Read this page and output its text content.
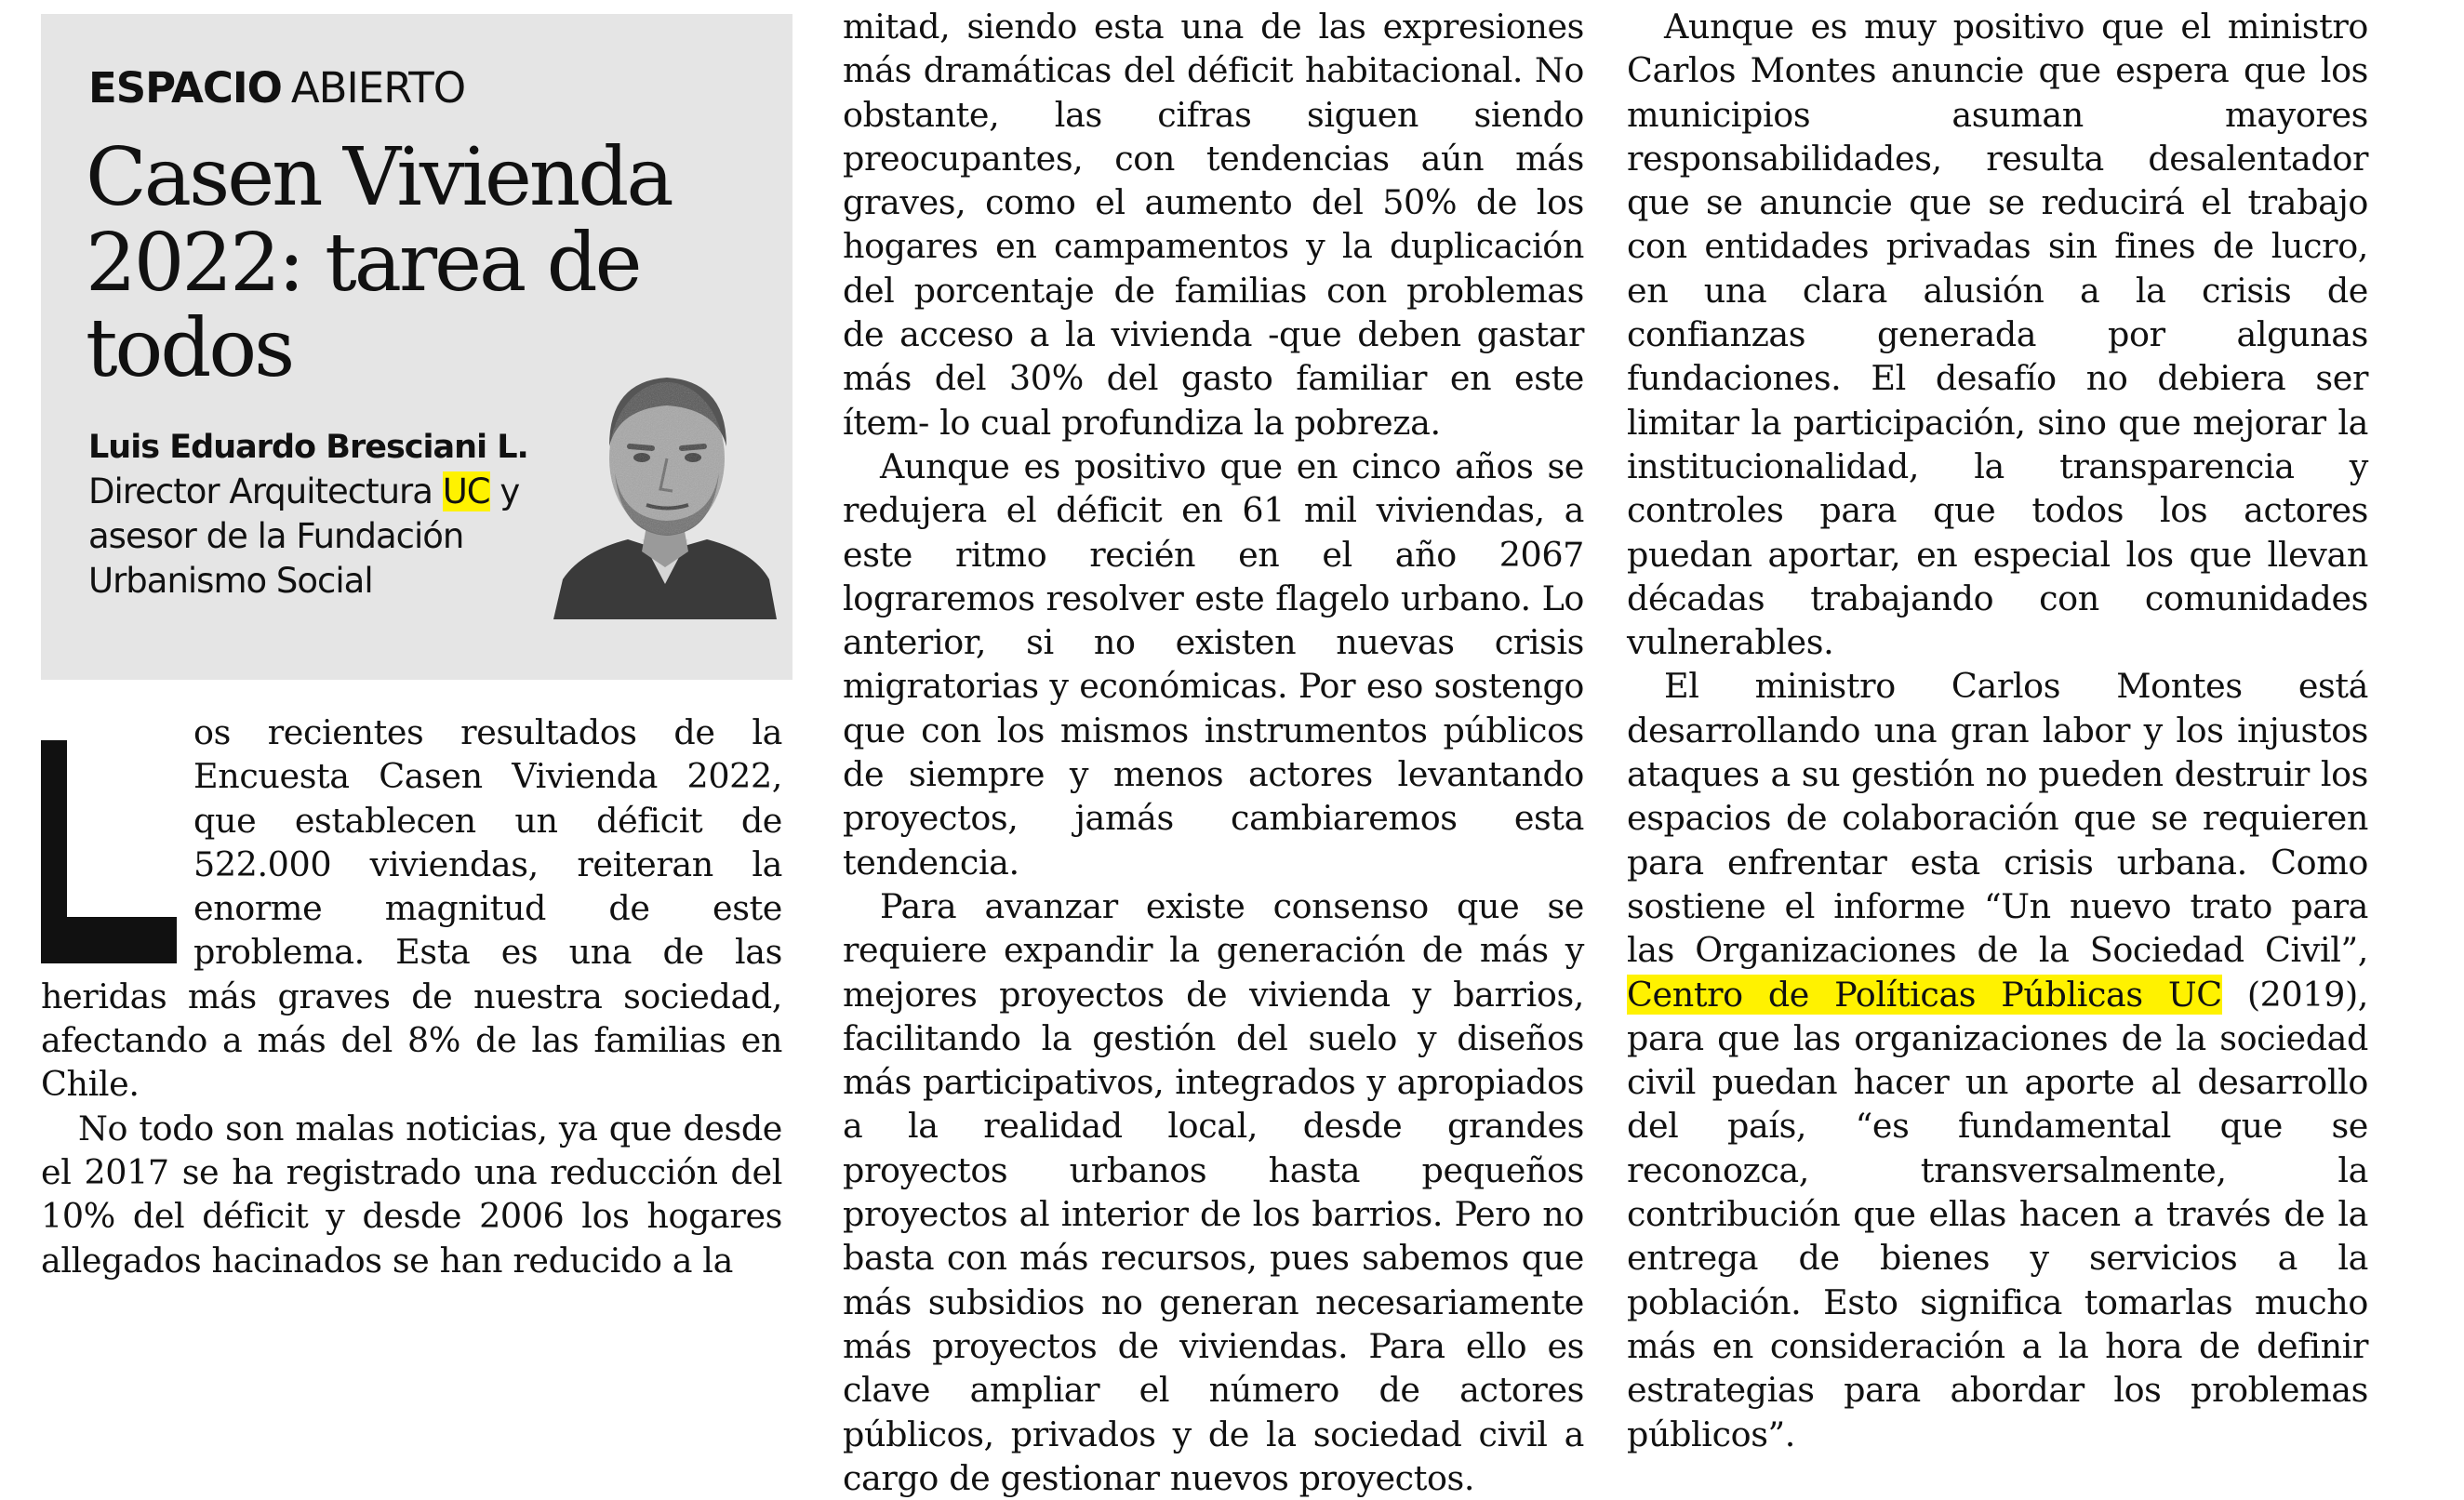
ESPACIO ABIERTO
Casen Vivienda 2022: tarea de todos
Luis Eduardo Bresciani L.
Director Arquitectura UC y asesor de la Fundación Urbanismo Social

os recientes resultados de la Encuesta Casen Vivienda 2022, que establecen un déficit de 522.000 viviendas, reiteran la enorme magnitud de este problema. Esta es una de las heridas más graves de nuestra sociedad, afectando a más del 8% de las familias en Chile.

No todo son malas noticias, ya que desde el 2017 se ha registrado una reducción del 10% del déficit y desde 2006 los hogares allegados hacinados se han reducido a la

mitad, siendo esta una de las expresiones más dramáticas del déficit habitacional. No obstante, las cifras siguen siendo preocupantes, con tendencias aún más graves, como el aumento del 50% de los hogares en campamentos y la duplicación del porcentaje de familias con problemas de acceso a la vivienda -que deben gastar más del 30% del gasto familiar en este ítem- lo cual profundiza la pobreza.

Aunque es positivo que en cinco años se redujera el déficit en 61 mil viviendas, a este ritmo recién en el año 2067 lograremos resolver este flagelo urbano. Lo anterior, si no existen nuevas crisis migratorias y económicas. Por eso sostengo que con los mismos instrumentos públicos de siempre y menos actores levantando proyectos, jamás cambiaremos esta tendencia.

Para avanzar existe consenso que se requiere expandir la generación de más y mejores proyectos de vivienda y barrios, facilitando la gestión del suelo y diseños más participativos, integrados y apropiados a la realidad local, desde grandes proyectos urbanos hasta pequeños proyectos al interior de los barrios. Pero no basta con más recursos, pues sabemos que más subsidios no generan necesariamente más proyectos de viviendas. Para ello es clave ampliar el número de actores públicos, privados y de la sociedad civil a cargo de gestionar nuevos proyectos.

Aunque es muy positivo que el ministro Carlos Montes anuncie que espera que los municipios asuman mayores responsabilidades, resulta desalentador que se anuncie que se reducirá el trabajo con entidades privadas sin fines de lucro, en una clara alusión a la crisis de confianzas generada por algunas fundaciones. El desafío no debiera ser limitar la participación, sino que mejorar la institucionalidad, la transparencia y controles para que todos los actores puedan aportar, en especial los que llevan décadas trabajando con comunidades vulnerables.

El ministro Carlos Montes está desarrollando una gran labor y los injustos ataques a su gestión no pueden destruir los espacios de colaboración que se requieren para enfrentar esta crisis urbana. Como sostiene el informe “Un nuevo trato para las Organizaciones de la Sociedad Civil”, Centro de Políticas Públicas UC (2019), para que las organizaciones de la sociedad civil puedan hacer un aporte al desarrollo del país, “es fundamental que se reconozca, transversalmente, la contribución que ellas hacen a través de la entrega de bienes y servicios a la población. Esto significa tomarlas mucho más en consideración a la hora de definir estrategias para abordar los problemas públicos”.
